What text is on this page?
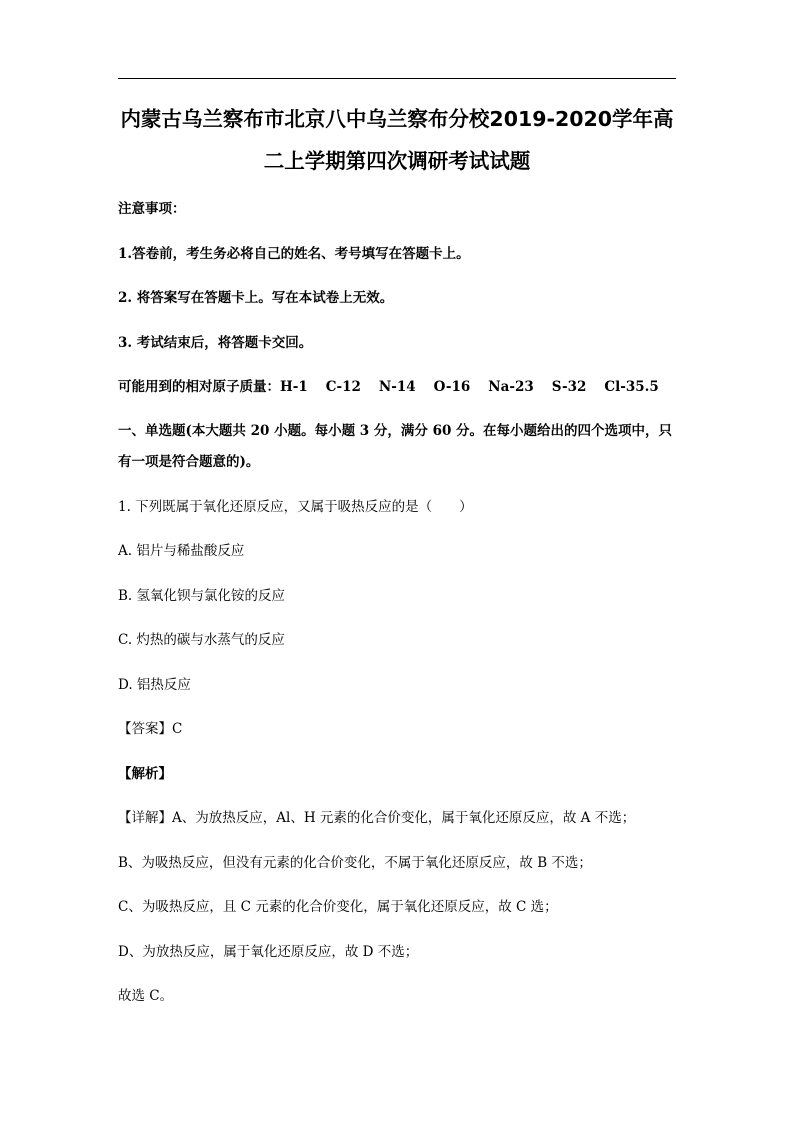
内蒙古乌兰察布市北京八中乌兰察布分校2019-2020学年高
二上学期第四次调研考试试题
注意事项：
1.答卷前，考生务必将自己的姓名、考号填写在答题卡上。
2. 将答案写在答题卡上。写在本试卷上无效。
3. 考试结束后，将答题卡交回。
可能用到的相对原子质量：H-1 C-12 N-14 O-16 Na-23 S-32 Cl-35.5
一、单选题(本大题共 20 小题。每小题 3 分，满分 60 分。在每小题给出的四个选项中，只
有一项是符合题意的)。
1. 下列既属于氧化还原反应，又属于吸热反应的是（　　）
A. 铝片与稀盐酸反应
B. 氢氧化钡与氯化铵的反应
C. 灼热的碳与水蒸气的反应
D. 铝热反应
【答案】C
【解析】
【详解】A、为放热反应，Al、H 元素的化合价变化，属于氧化还原反应，故 A 不选；
B、为吸热反应，但没有元素的化合价变化，不属于氧化还原反应，故 B 不选；
C、为吸热反应，且 C 元素的化合价变化，属于氧化还原反应，故 C 选；
D、为放热反应，属于氧化还原反应，故 D 不选；
故选 C。
